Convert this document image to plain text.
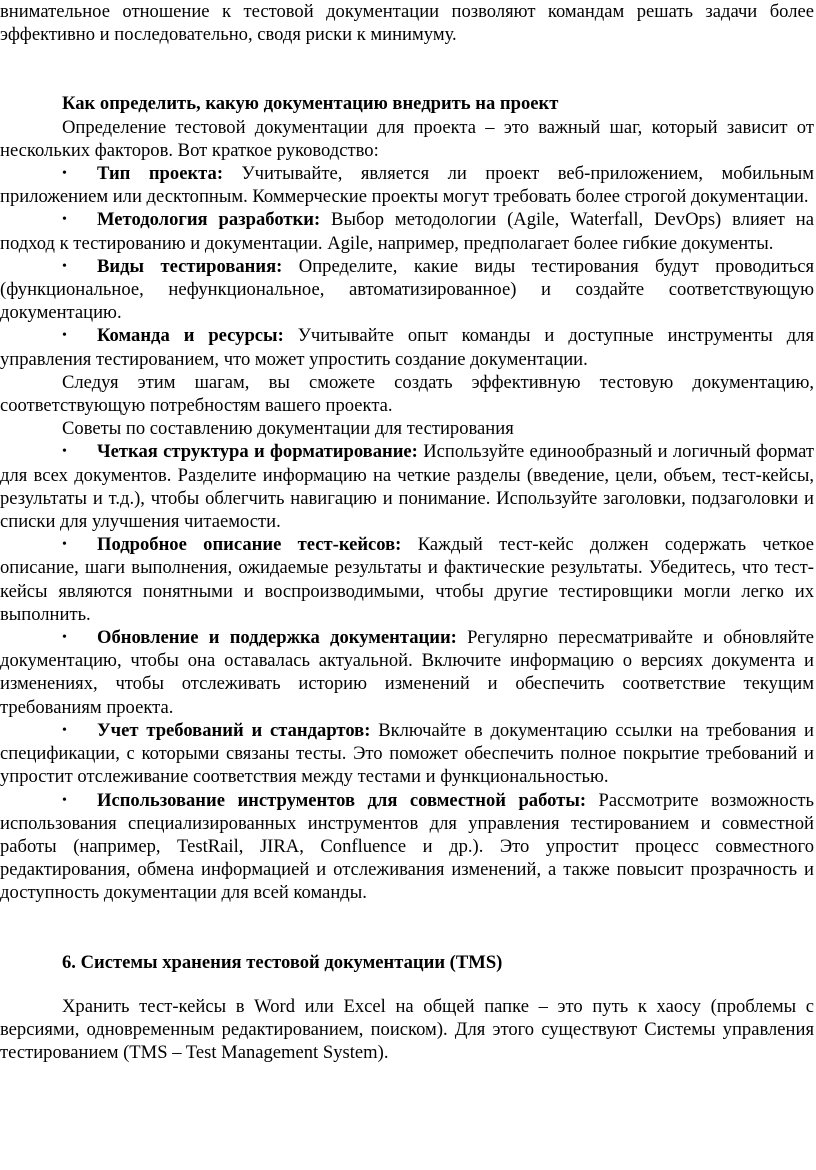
внимательное отношение к тестовой документации позволяют командам решать задачи более эффективно и последовательно, сводя риски к минимуму.

Как определить, какую документацию внедрить на проект

Определение тестовой документации для проекта – это важный шаг, который зависит от нескольких факторов. Вот краткое руководство:

•	Тип проекта: Учитывайте, является ли проект веб-приложением, мобильным приложением или десктопным. Коммерческие проекты могут требовать более строгой документации.

•	Методология разработки: Выбор методологии (Agile, Waterfall, DevOps) влияет на подход к тестированию и документации. Agile, например, предполагает более гибкие документы.

•	Виды тестирования: Определите, какие виды тестирования будут проводиться (функциональное, нефункциональное, автоматизированное) и создайте соответствующую документацию.

•	Команда и ресурсы: Учитывайте опыт команды и доступные инструменты для управления тестированием, что может упростить создание документации.

Следуя этим шагам, вы сможете создать эффективную тестовую документацию, соответствующую потребностям вашего проекта.

Советы по составлению документации для тестирования

•	Четкая структура и форматирование: Используйте единообразный и логичный формат для всех документов. Разделите информацию на четкие разделы (введение, цели, объем, тест-кейсы, результаты и т.д.), чтобы облегчить навигацию и понимание. Используйте заголовки, подзаголовки и списки для улучшения читаемости.

•	Подробное описание тест-кейсов: Каждый тест-кейс должен содержать четкое описание, шаги выполнения, ожидаемые результаты и фактические результаты. Убедитесь, что тест-кейсы являются понятными и воспроизводимыми, чтобы другие тестировщики могли легко их выполнить.

•	Обновление и поддержка документации: Регулярно пересматривайте и обновляйте документацию, чтобы она оставалась актуальной. Включите информацию о версиях документа и изменениях, чтобы отслеживать историю изменений и обеспечить соответствие текущим требованиям проекта.

•	Учет требований и стандартов: Включайте в документацию ссылки на требования и спецификации, с которыми связаны тесты. Это поможет обеспечить полное покрытие требований и упростит отслеживание соответствия между тестами и функциональностью.

•	Использование инструментов для совместной работы: Рассмотрите возможность использования специализированных инструментов для управления тестированием и совместной работы (например, TestRail, JIRA, Confluence и др.). Это упростит процесс совместного редактирования, обмена информацией и отслеживания изменений, а также повысит прозрачность и доступность документации для всей команды.

6. Системы хранения тестовой документации (TMS)

Хранить тест-кейсы в Word или Excel на общей папке – это путь к хаосу (проблемы с версиями, одновременным редактированием, поиском). Для этого существуют Системы управления тестированием (TMS – Test Management System).
